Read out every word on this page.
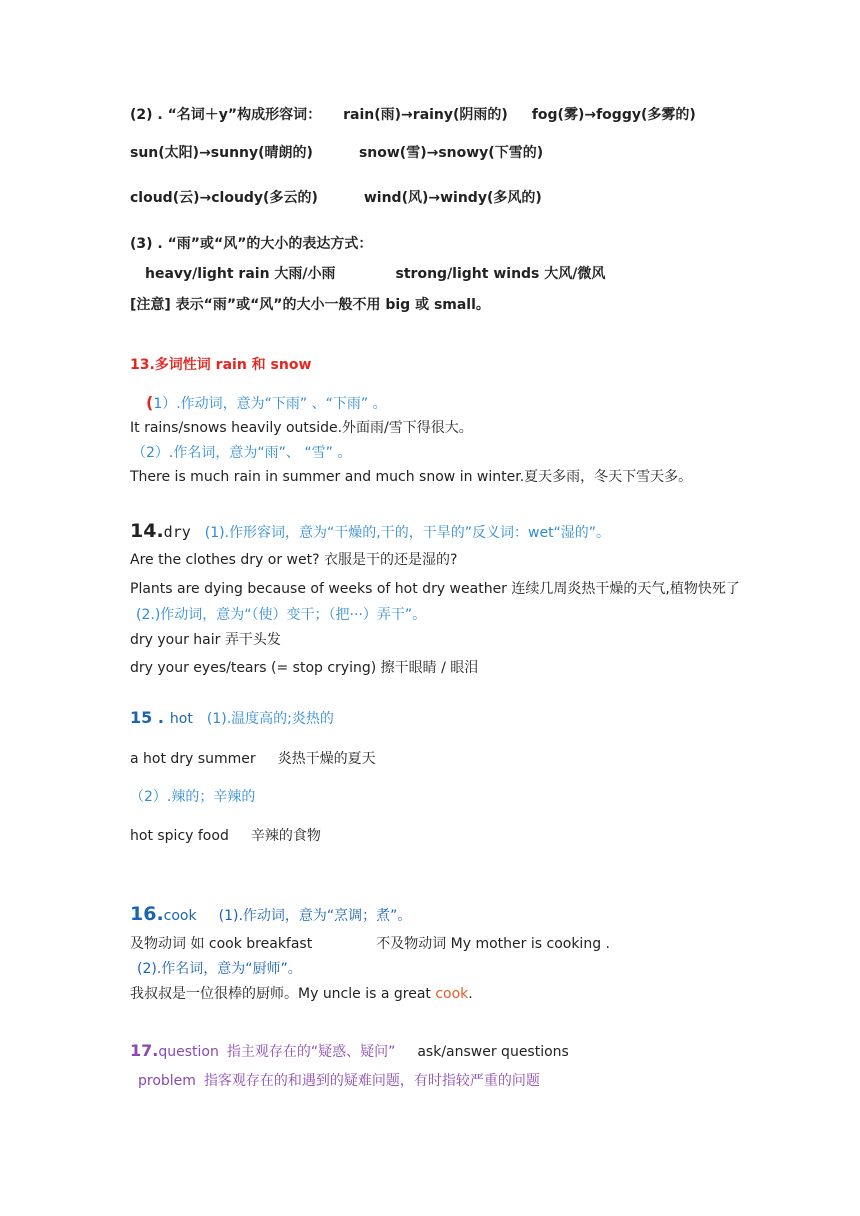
(2) . “名词＋y”构成形容词： rain(雨)→rainy(阴雨的) fog(雾)→foggy(多雾的)
sun(太阳)→sunny(晴朗的)	snow(雪)→snowy(下雪的)
cloud(云)→cloudy(多云的)	wind(风)→windy(多风的)
(3) . “雨”或“风”的大小的表达方式：
heavy/light rain 大雨/小雨	strong/light winds 大风/微风
[注意] 表示“雨”或“风”的大小一般不用 big 或 small。
13.多词性词 rain 和 snow
(1）.作动词，意为“下雨” 、“下雨” 。
It rains/snows heavily outside.外面雨/雪下得很大。
（2）.作名词，意为“雨”、 “雪” 。
There is much rain in summer and much snow in winter.夏天多雨，冬天下雪天多。
14.dry (1).作形容词，意为“干燥的,干的，干旱的”反义词：wet“湿的”。
Are the clothes dry or wet? 衣服是干的还是湿的?
Plants are dying because of weeks of hot dry weather 连续几周炎热干燥的天气,植物快死了
(2.)作动词，意为“（使）变干；（把···）弄干”。
dry your hair 弄干头发
dry your eyes/tears (= stop crying) 擦干眼睛 / 眼泪
15 . hot (1).温度高的;炎热的
a hot dry summer 炎热干燥的夏天
（2）.辣的；辛辣的
hot spicy food 辛辣的食物
16.cook (1).作动词，意为“烹调；煮”。
及物动词 如 cook breakfast	不及物动词 My mother is cooking .
(2).作名词，意为“厨师”。
我叔叔是一位很棒的厨师。My uncle is a great cook.
17.question 指主观存在的“疑惑、疑问” ask/answer questions
problem 指客观存在的和遇到的疑难问题，有时指较严重的问题
